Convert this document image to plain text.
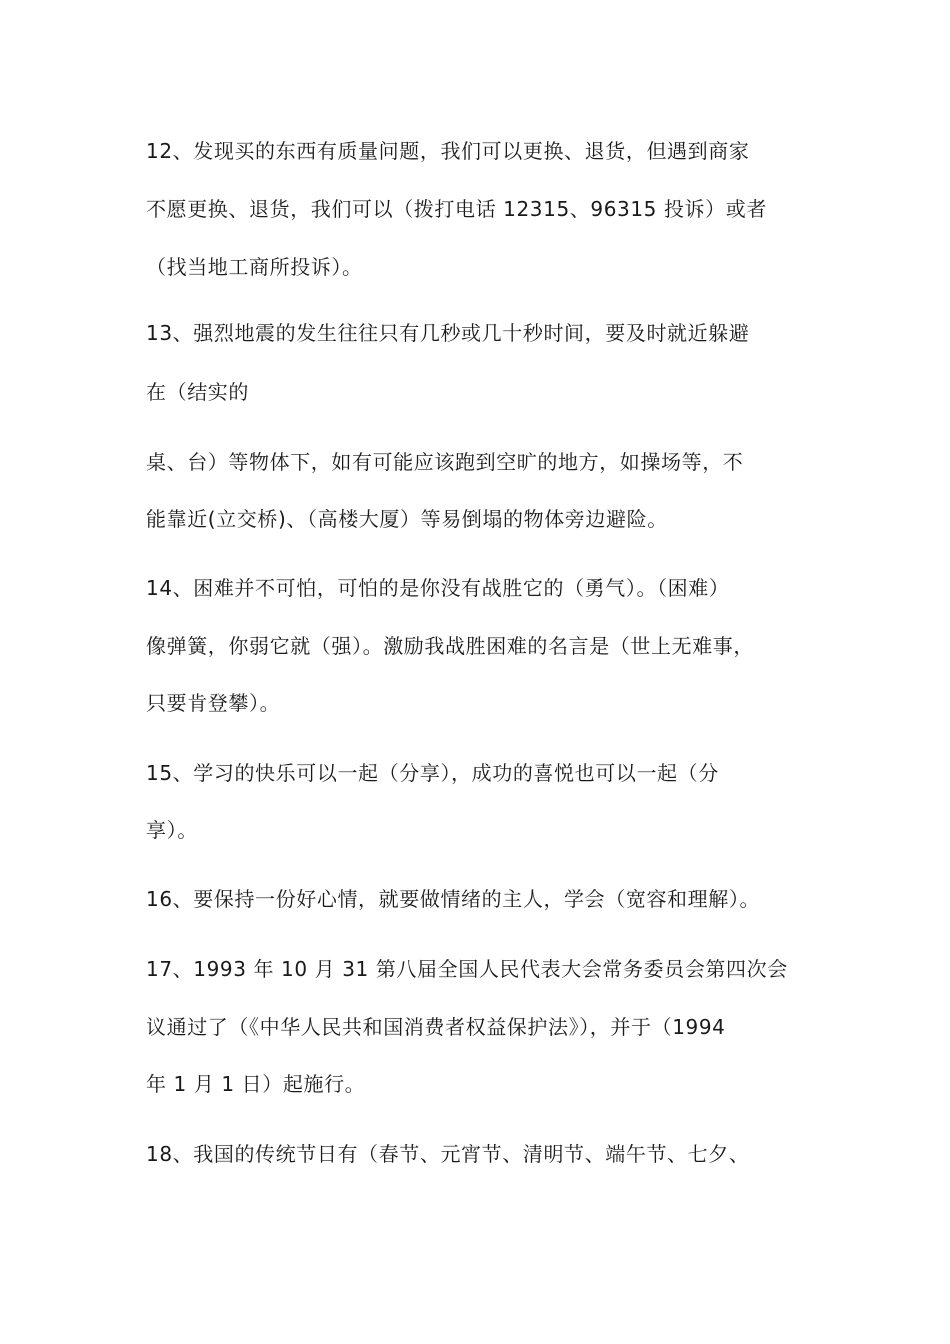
12、发现买的东西有质量问题，我们可以更换、退货，但遇到商家
不愿更换、退货，我们可以（拨打电话 12315、96315 投诉）或者
（找当地工商所投诉）。
13、强烈地震的发生往往只有几秒或几十秒时间，要及时就近躲避
在（结实的
桌、台）等物体下，如有可能应该跑到空旷的地方，如操场等，不
能靠近(立交桥)、（高楼大厦）等易倒塌的物体旁边避险。
14、困难并不可怕，可怕的是你没有战胜它的（勇气）。（困难）
像弹簧，你弱它就（强）。激励我战胜困难的名言是（世上无难事，
只要肯登攀）。
15、学习的快乐可以一起（分享），成功的喜悦也可以一起（分
享）。
16、要保持一份好心情，就要做情绪的主人，学会（宽容和理解）。
17、1993 年 10 月 31 第八届全国人民代表大会常务委员会第四次会
议通过了（《中华人民共和国消费者权益保护法》），并于（1994
年 1 月 1 日）起施行。
18、我国的传统节日有（春节、元宵节、清明节、端午节、七夕、
